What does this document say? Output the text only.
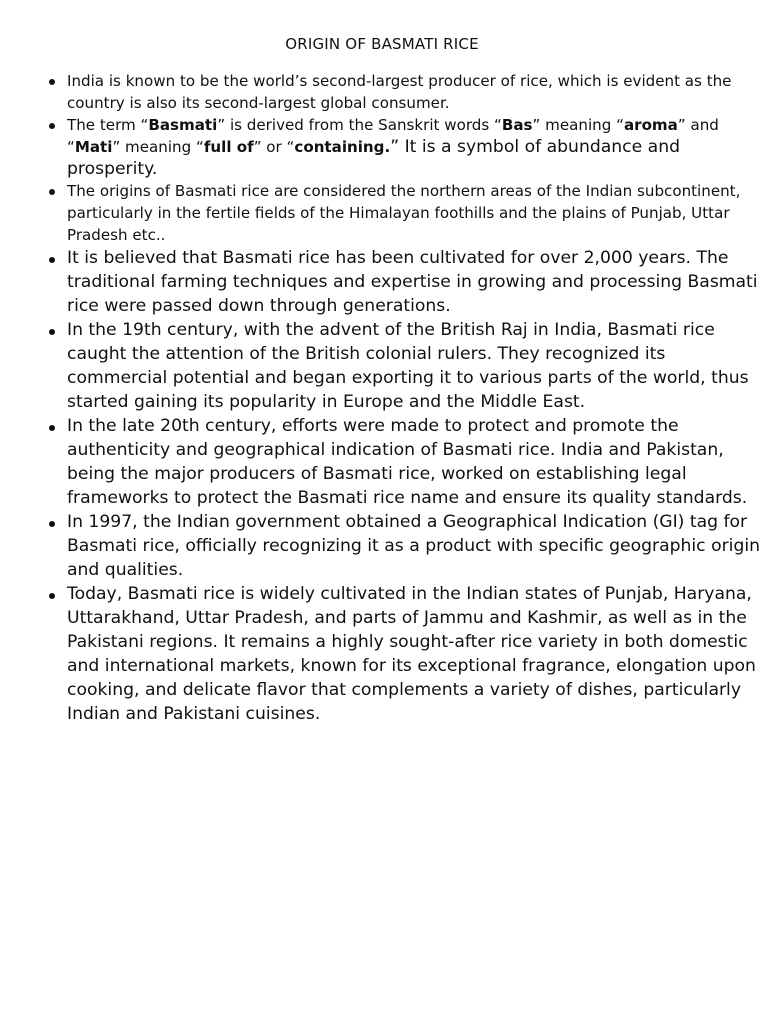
ORIGIN OF BASMATI RICE
India is known to be the world’s second-largest producer of rice, which is evident as the country is also its second-largest global consumer.
The term “Basmati” is derived from the Sanskrit words “Bas” meaning “aroma” and “Mati” meaning “full of” or “containing.” It is a symbol of abundance and prosperity.
The origins of Basmati rice are considered the northern areas of the Indian subcontinent, particularly in the fertile fields of the Himalayan foothills and the plains of Punjab, Uttar Pradesh etc..
It is believed that Basmati rice has been cultivated for over 2,000 years. The traditional farming techniques and expertise in growing and processing Basmati rice were passed down through generations.
In the 19th century, with the advent of the British Raj in India, Basmati rice caught the attention of the British colonial rulers. They recognized its commercial potential and began exporting it to various parts of the world, thus started gaining its popularity in Europe and the Middle East.
In the late 20th century, efforts were made to protect and promote the authenticity and geographical indication of Basmati rice. India and Pakistan, being the major producers of Basmati rice, worked on establishing legal frameworks to protect the Basmati rice name and ensure its quality standards.
In 1997, the Indian government obtained a Geographical Indication (GI) tag for Basmati rice, officially recognizing it as a product with specific geographic origin and qualities.
Today, Basmati rice is widely cultivated in the Indian states of Punjab, Haryana, Uttarakhand, Uttar Pradesh, and parts of Jammu and Kashmir, as well as in the Pakistani regions. It remains a highly sought-after rice variety in both domestic and international markets, known for its exceptional fragrance, elongation upon cooking, and delicate flavor that complements a variety of dishes, particularly Indian and Pakistani cuisines.
